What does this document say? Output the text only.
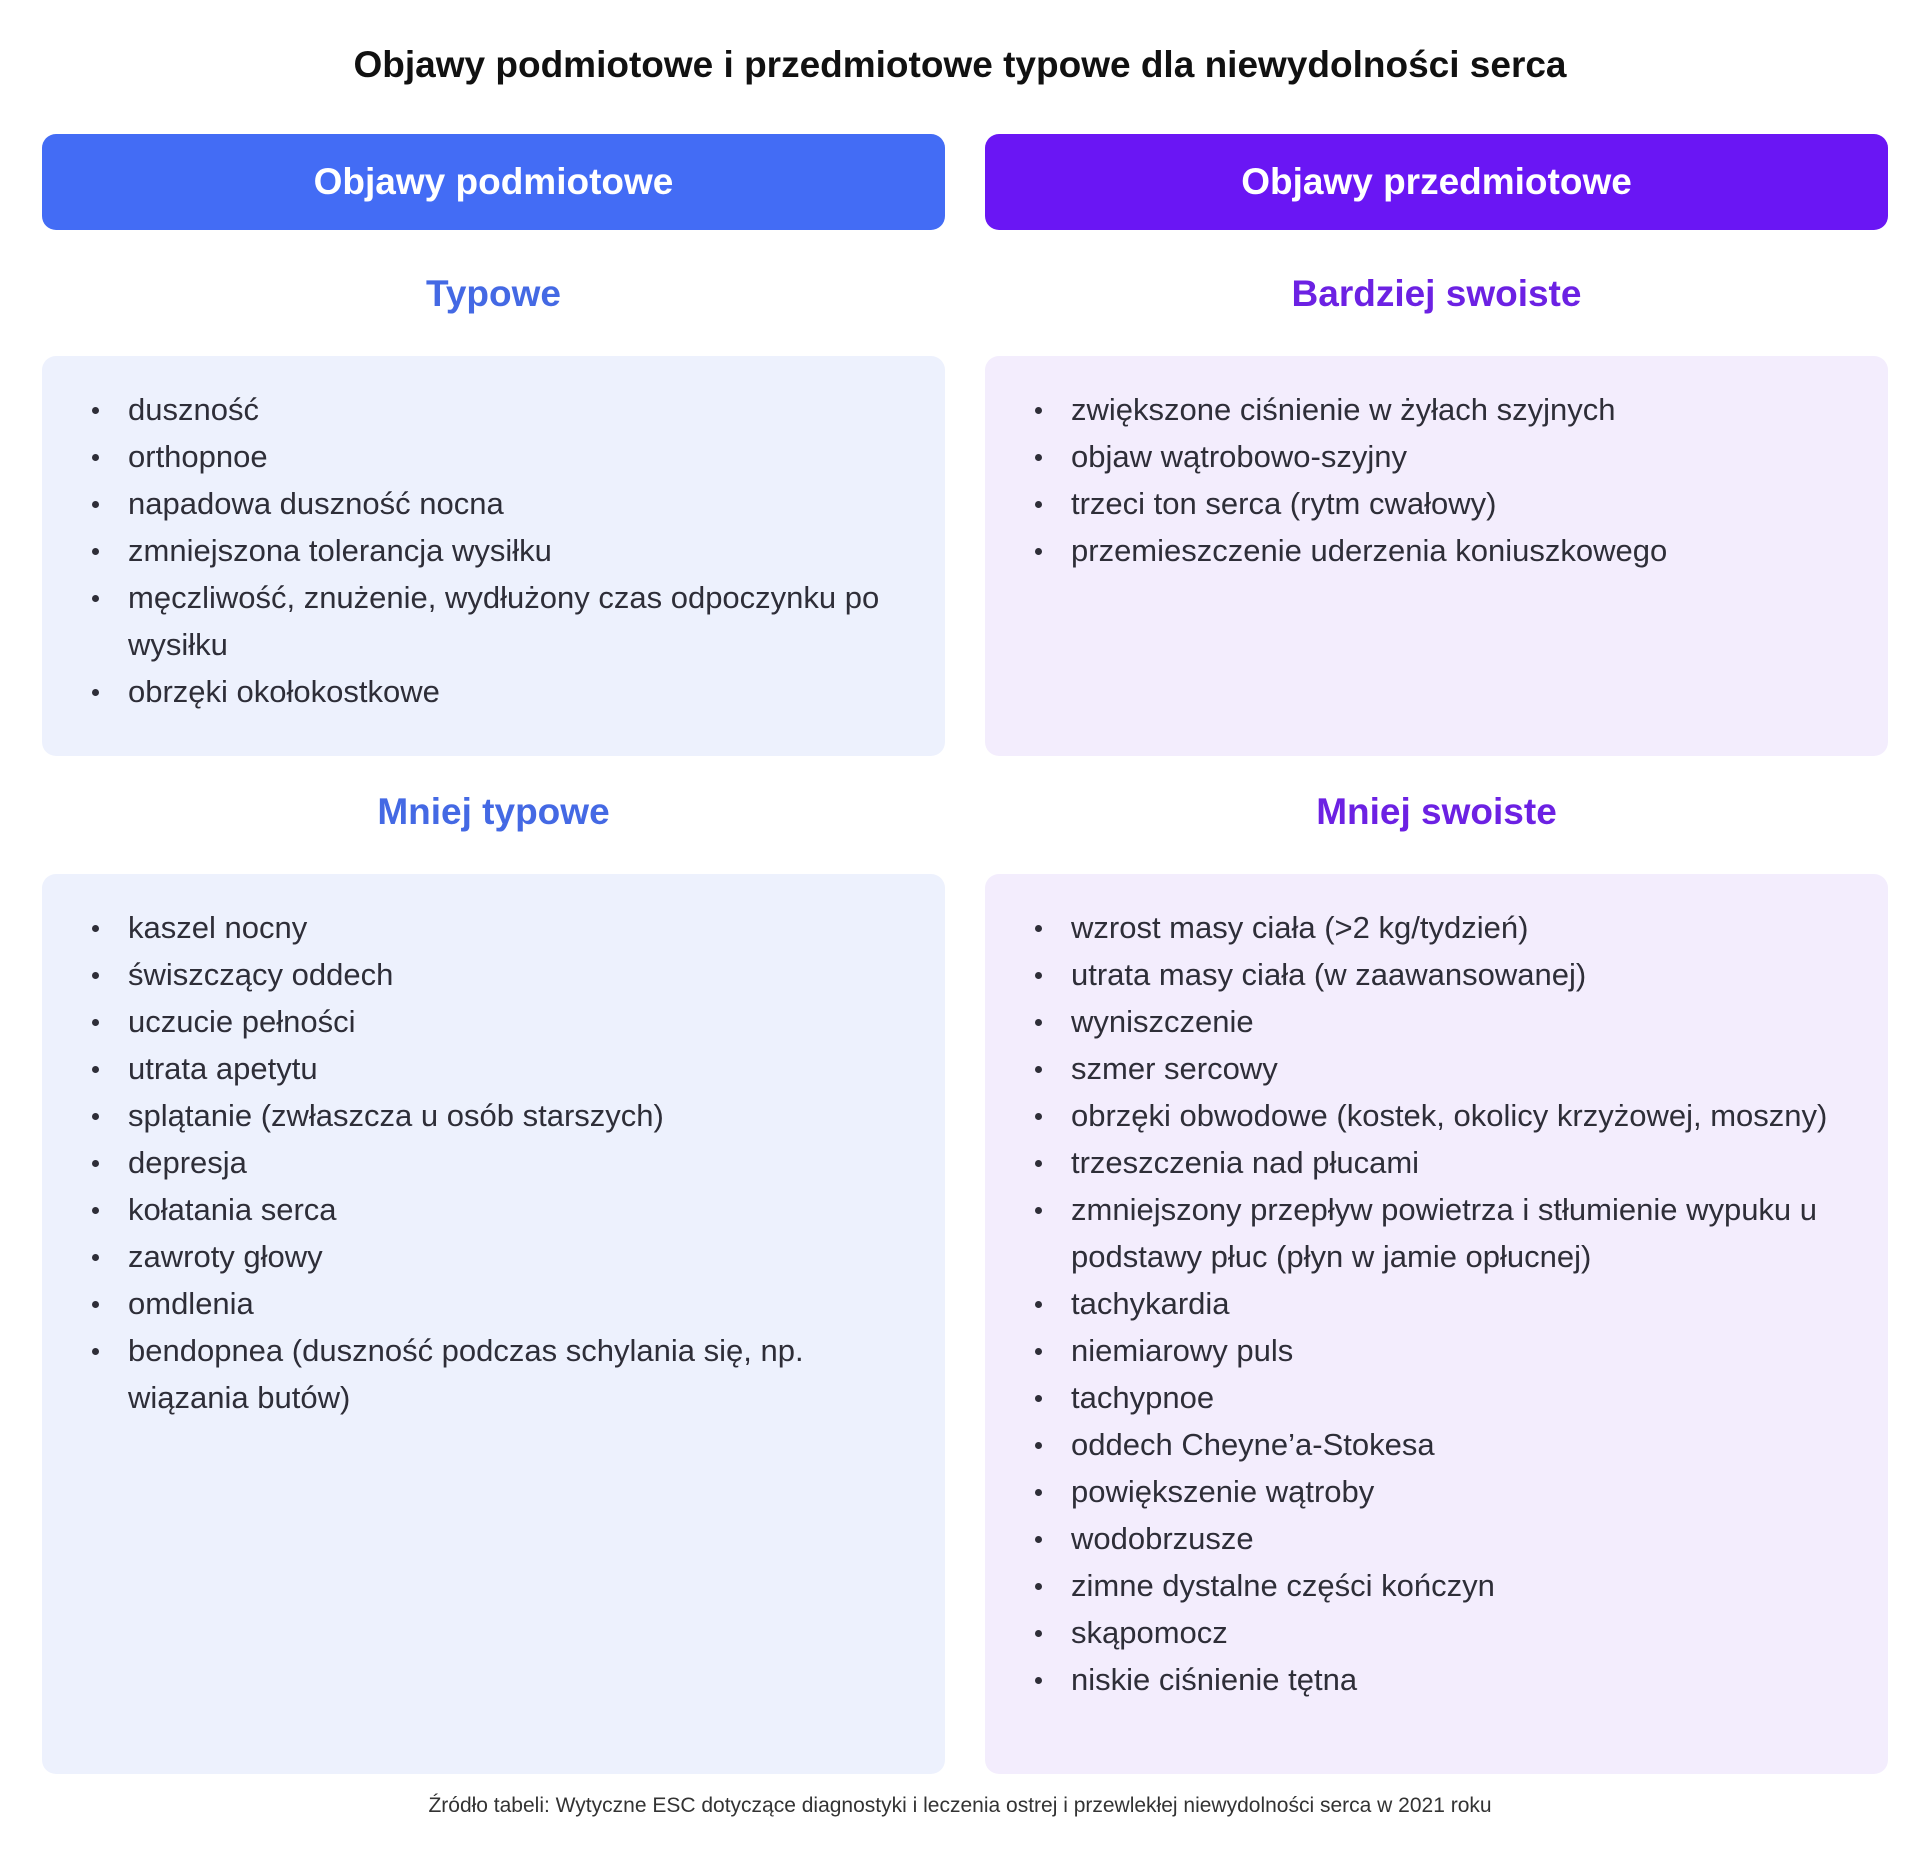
Objawy podmiotowe i przedmiotowe typowe dla niewydolności serca
Objawy podmiotowe
Typowe
duszność
orthopnoe
napadowa duszność nocna
zmniejszona tolerancja wysiłku
męczliwość, znużenie, wydłużony czas odpoczynku po wysiłku
obrzęki okołokostkowe
Mniej typowe
kaszel nocny
świszczący oddech
uczucie pełności
utrata apetytu
splątanie (zwłaszcza u osób starszych)
depresja
kołatania serca
zawroty głowy
omdlenia
bendopnea (duszność podczas schylania się, np. wiązania butów)
Objawy przedmiotowe
Bardziej swoiste
zwiększone ciśnienie w żyłach szyjnych
objaw wątrobowo-szyjny
trzeci ton serca (rytm cwałowy)
przemieszczenie uderzenia koniuszkowego
Mniej swoiste
wzrost masy ciała (>2 kg/tydzień)
utrata masy ciała (w zaawansowanej)
wyniszczenie
szmer sercowy
obrzęki obwodowe (kostek, okolicy krzyżowej, moszny)
trzeszczenia nad płucami
zmniejszony przepływ powietrza i stłumienie wypuku u podstawy płuc (płyn w jamie opłucnej)
tachykardia
niemiarowy puls
tachypnoe
oddech Cheyne’a-Stokesa
powiększenie wątroby
wodobrzusze
zimne dystalne części kończyn
skąpomocz
niskie ciśnienie tętna
Źródło tabeli: Wytyczne ESC dotyczące diagnostyki i leczenia ostrej i przewlekłej niewydolności serca w 2021 roku
